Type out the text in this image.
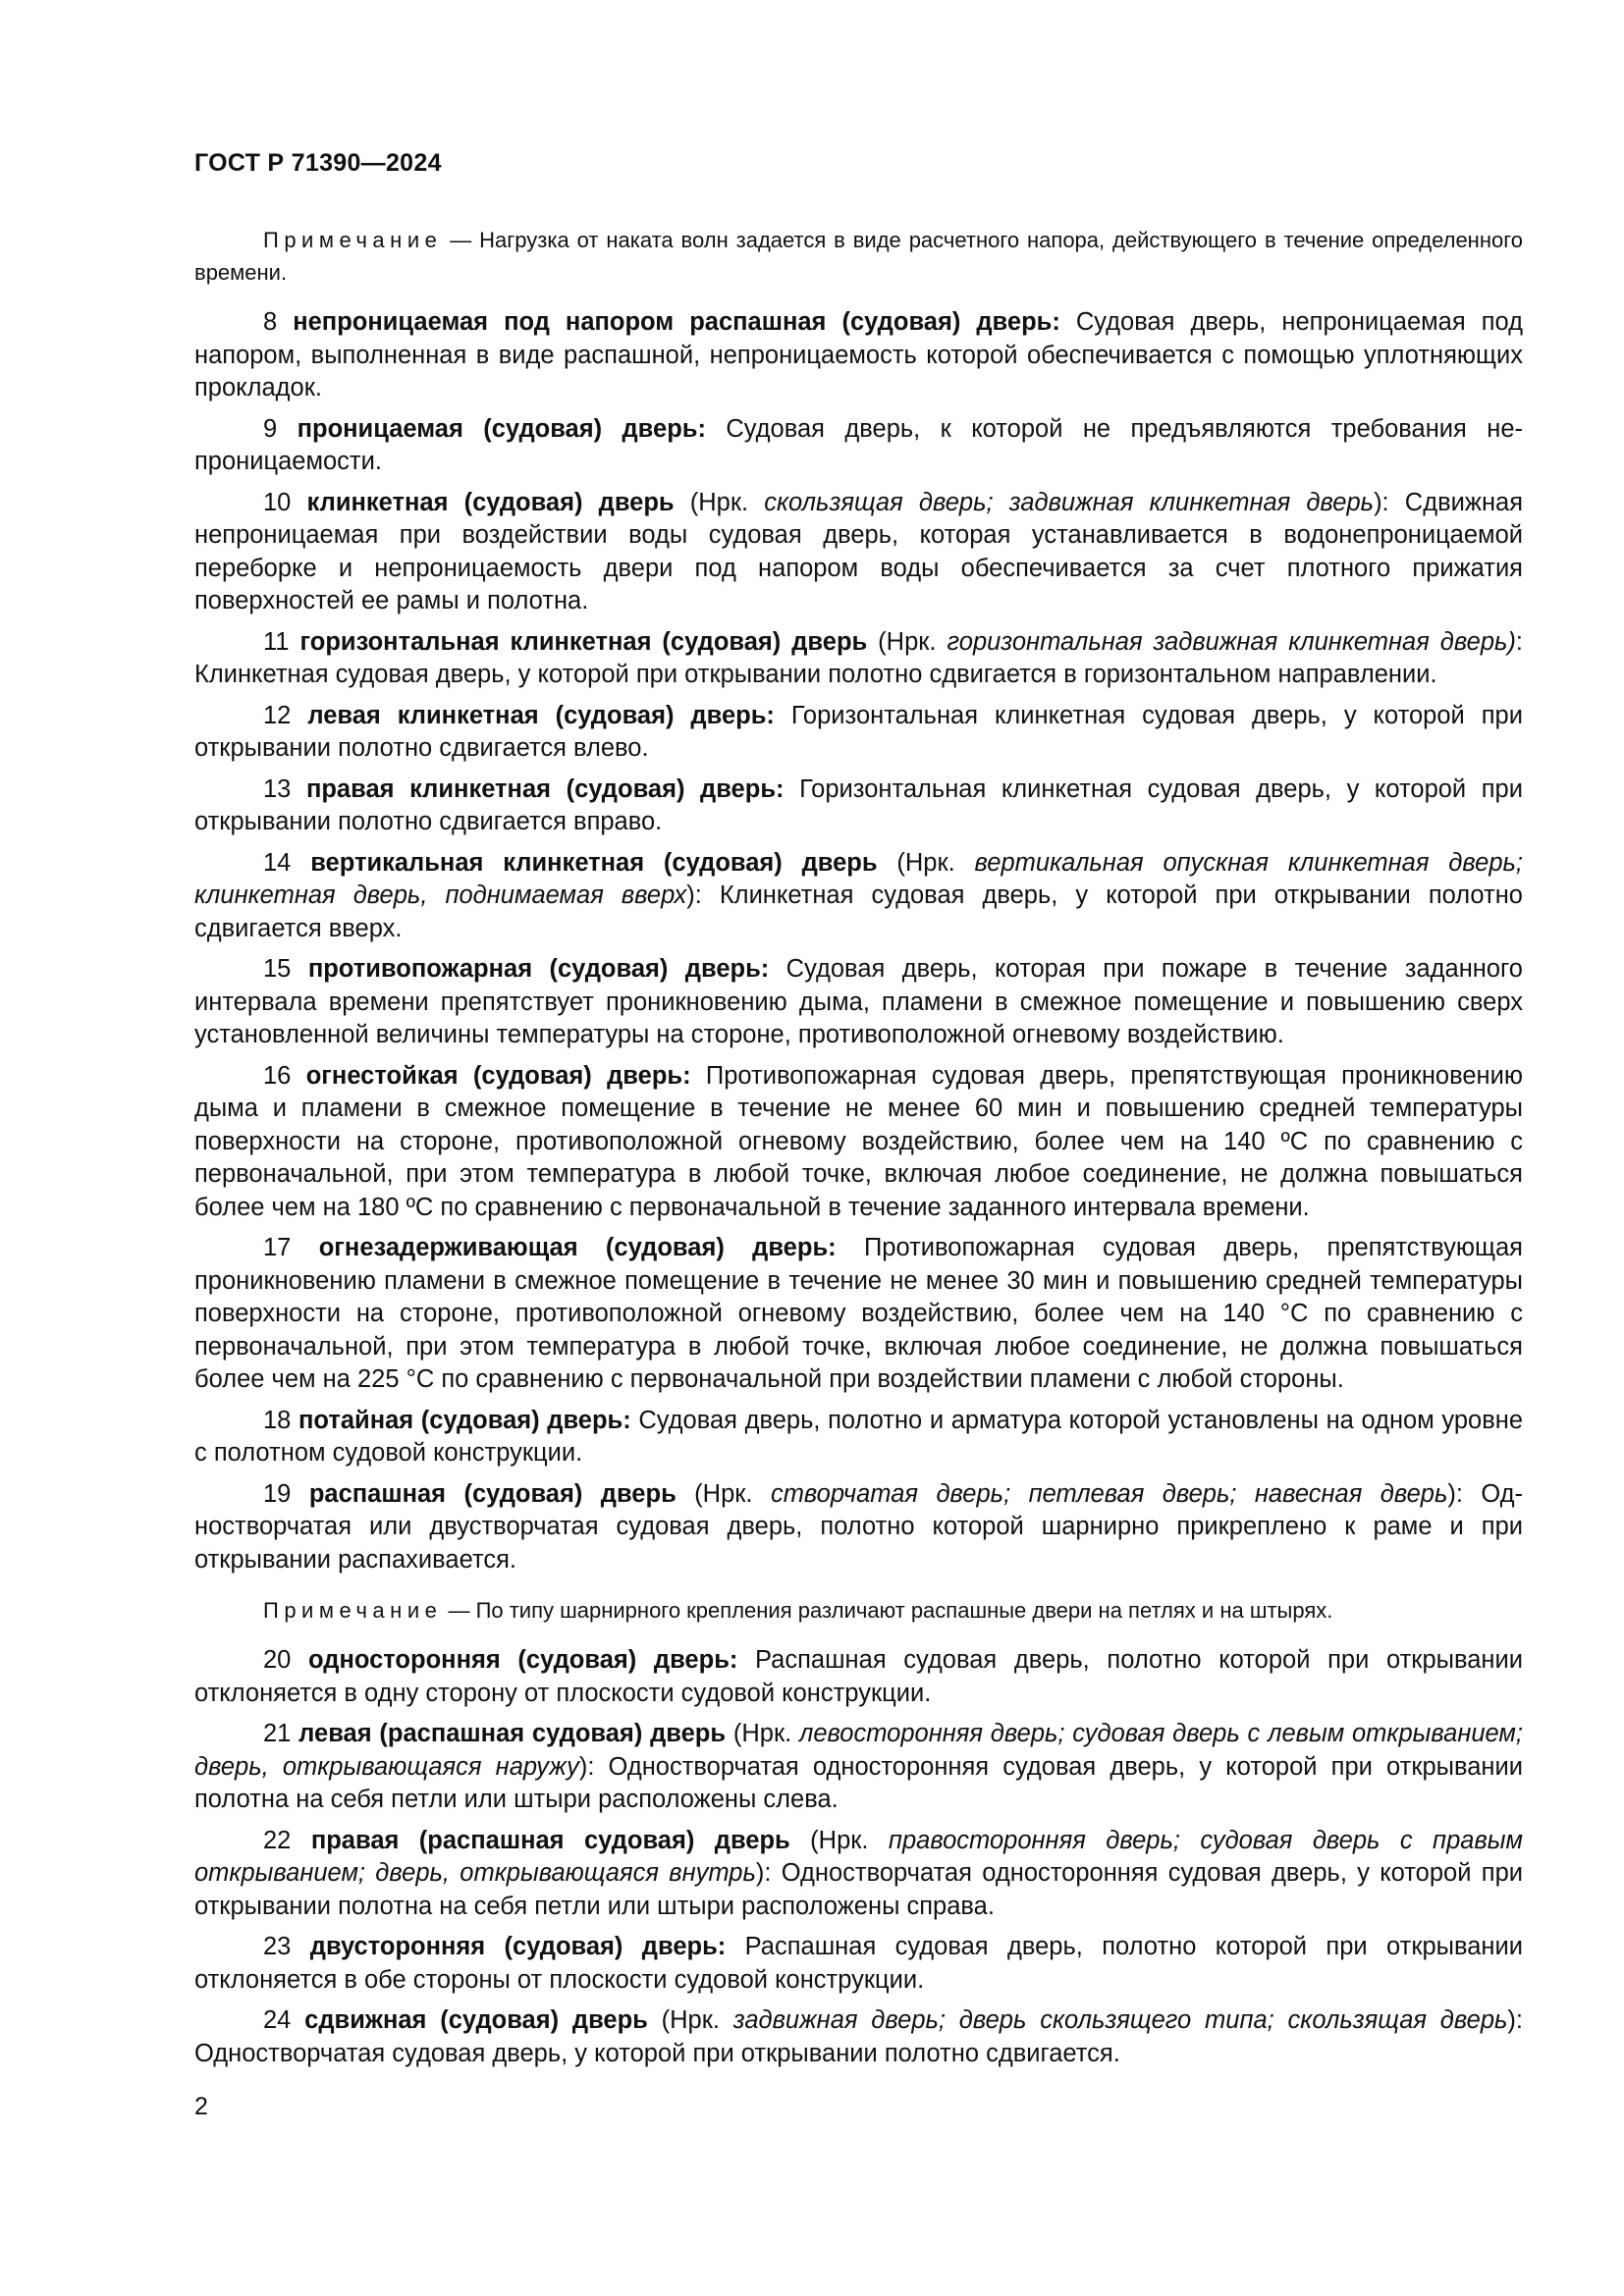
ГОСТ Р 71390—2024

Примечание — Нагрузка от наката волн задается в виде расчетного напора, действующего в течение определенного времени.

8 непроницаемая под напором распашная (судовая) дверь: Судовая дверь, непроницаемая под напором, выполненная в виде распашной, непроницаемость которой обеспечивается с помощью уплотняющих прокладок.

9 проницаемая (судовая) дверь: Судовая дверь, к которой не предъявляются требования непроницаемости.

10 клинкетная (судовая) дверь (Нрк. скользящая дверь; задвижная клинкетная дверь): Сдвижная непроницаемая при воздействии воды судовая дверь, которая устанавливается в водонепроницаемой переборке и непроницаемость двери под напором воды обеспечивается за счет плотного прижатия поверхностей ее рамы и полотна.

11 горизонтальная клинкетная (судовая) дверь (Нрк. горизонтальная задвижная клинкетная дверь): Клинкетная судовая дверь, у которой при открывании полотно сдвигается в горизонтальном направлении.

12 левая клинкетная (судовая) дверь: Горизонтальная клинкетная судовая дверь, у которой при открывании полотно сдвигается влево.

13 правая клинкетная (судовая) дверь: Горизонтальная клинкетная судовая дверь, у которой при открывании полотно сдвигается вправо.

14 вертикальная клинкетная (судовая) дверь (Нрк. вертикальная опускная клинкетная дверь; клинкетная дверь, поднимаемая вверх): Клинкетная судовая дверь, у которой при открывании полотно сдвигается вверх.

15 противопожарная (судовая) дверь: Судовая дверь, которая при пожаре в течение заданного интервала времени препятствует проникновению дыма, пламени в смежное помещение и повышению сверх установленной величины температуры на стороне, противоположной огневому воздействию.

16 огнестойкая (судовая) дверь: Противопожарная судовая дверь, препятствующая проникновению дыма и пламени в смежное помещение в течение не менее 60 мин и повышению средней температуры поверхности на стороне, противоположной огневому воздействию, более чем на 140 ºС по сравнению с первоначальной, при этом температура в любой точке, включая любое соединение, не должна повышаться более чем на 180 ºС по сравнению с первоначальной в течение заданного интервала времени.

17 огнезадерживающая (судовая) дверь: Противопожарная судовая дверь, препятствующая проникновению пламени в смежное помещение в течение не менее 30 мин и повышению средней температуры поверхности на стороне, противоположной огневому воздействию, более чем на 140 °С по сравнению с первоначальной, при этом температура в любой точке, включая любое соединение, не должна повышаться более чем на 225 °С по сравнению с первоначальной при воздействии пламени с любой стороны.

18 потайная (судовая) дверь: Судовая дверь, полотно и арматура которой установлены на одном уровне с полотном судовой конструкции.

19 распашная (судовая) дверь (Нрк. створчатая дверь; петлевая дверь; навесная дверь): Одностворчатая или двустворчатая судовая дверь, полотно которой шарнирно прикреплено к раме и при открывании распахивается.

Примечание — По типу шарнирного крепления различают распашные двери на петлях и на штырях.

20 односторонняя (судовая) дверь: Распашная судовая дверь, полотно которой при открывании отклоняется в одну сторону от плоскости судовой конструкции.

21 левая (распашная судовая) дверь (Нрк. левосторонняя дверь; судовая дверь с левым открыванием; дверь, открывающаяся наружу): Одностворчатая односторонняя судовая дверь, у которой при открывании полотна на себя петли или штыри расположены слева.

22 правая (распашная судовая) дверь (Нрк. правосторонняя дверь; судовая дверь с правым открыванием; дверь, открывающаяся внутрь): Одностворчатая односторонняя судовая дверь, у которой при открывании полотна на себя петли или штыри расположены справа.

23 двусторонняя (судовая) дверь: Распашная судовая дверь, полотно которой при открывании отклоняется в обе стороны от плоскости судовой конструкции.

24 сдвижная (судовая) дверь (Нрк. задвижная дверь; дверь скользящего типа; скользящая дверь): Одностворчатая судовая дверь, у которой при открывании полотно сдвигается.

2
